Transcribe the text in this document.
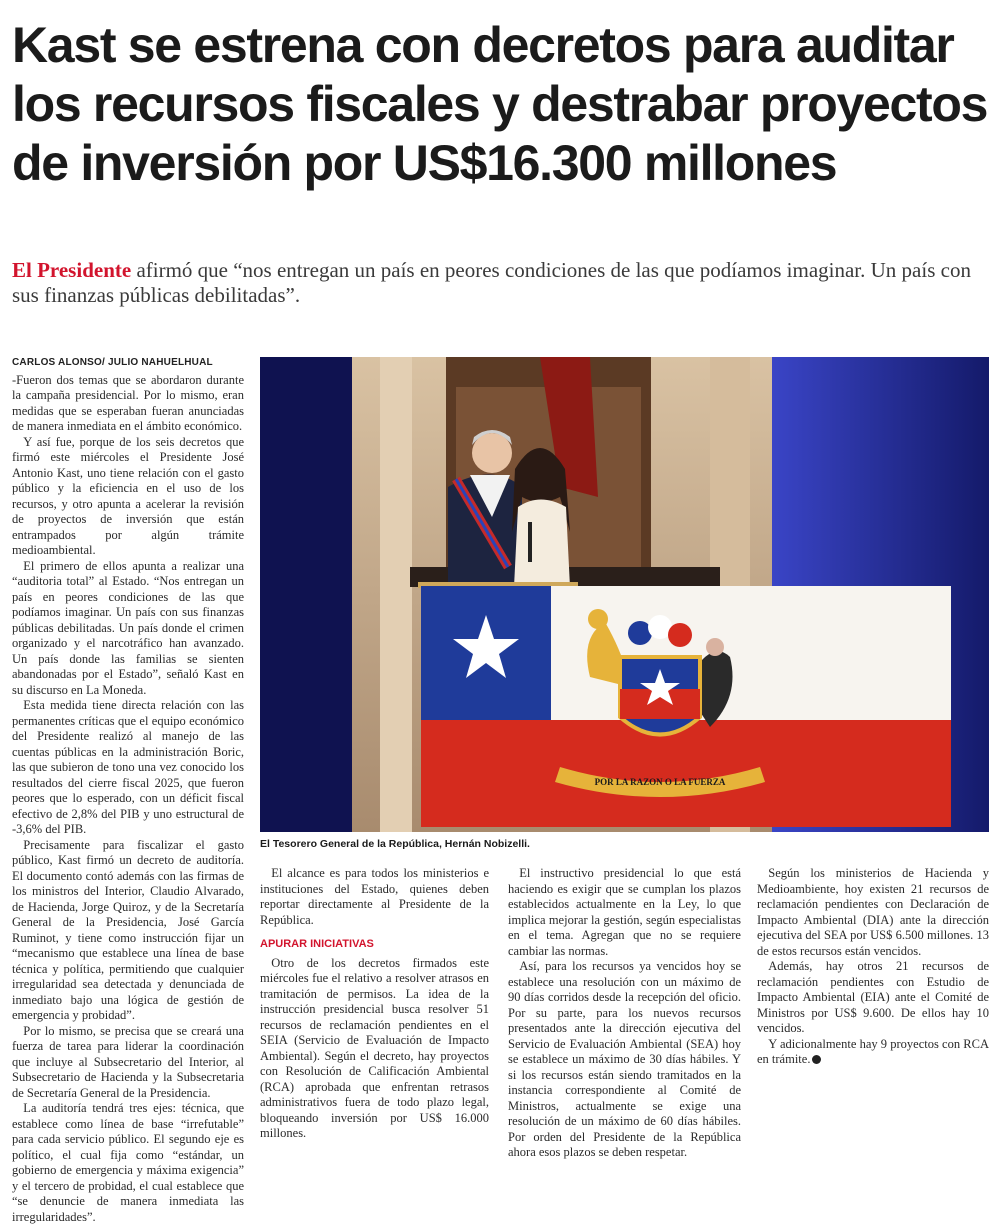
Kast se estrena con decretos para auditar los recursos fiscales y destrabar proyectos de inversión por US$16.300 millones

El Presidente afirmó que “nos entregan un país en peores condiciones de las que podíamos imaginar. Un país con sus finanzas públicas debilitadas”.

CARLOS ALONSO/ JULIO NAHUELHUAL

-Fueron dos temas que se abordaron durante la campaña presidencial. Por lo mismo, eran medidas que se esperaban fueran anunciadas de manera inmediata en el ámbito económico.

Y así fue, porque de los seis decretos que firmó este miércoles el Presidente José Antonio Kast, uno tiene relación con el gasto público y la eficiencia en el uso de los recursos, y otro apunta a acelerar la revisión de proyectos de inversión que están entrampados por algún trámite medioambiental.

El primero de ellos apunta a realizar una “auditoria total” al Estado. “Nos entregan un país en peores condiciones de las que podíamos imaginar. Un país con sus finanzas públicas debilitadas. Un país donde el crimen organizado y el narcotráfico han avanzado. Un país donde las familias se sienten abandonadas por el Estado”, señaló Kast en su discurso en La Moneda.

Esta medida tiene directa relación con las permanentes críticas que el equipo económico del Presidente realizó al manejo de las cuentas públicas en la administración Boric, las que subieron de tono una vez conocido los resultados del cierre fiscal 2025, que fueron peores que lo esperado, con un déficit fiscal efectivo de 2,8% del PIB y uno estructural de -3,6% del PIB.

Precisamente para fiscalizar el gasto público, Kast firmó un decreto de auditoría. El documento contó además con las firmas de los ministros del Interior, Claudio Alvarado, de Hacienda, Jorge Quiroz, y de la Secretaría General de la Presidencia, José García Ruminot, y tiene como instrucción fijar un “mecanismo que establece una línea de base técnica y política, permitiendo que cualquier irregularidad sea detectada y denunciada de inmediato bajo una lógica de gestión de emergencia y probidad”.

Por lo mismo, se precisa que se creará una fuerza de tarea para liderar la coordinación que incluye al Subsecretario del Interior, al Subsecretario de Hacienda y la Subsecretaria de Secretaría General de la Presidencia.

La auditoría tendrá tres ejes: técnica, que establece como línea de base “irrefutable” para cada servicio público. El segundo eje es político, el cual fija como “estándar, un gobierno de emergencia y máxima exigencia” y el tercero de probidad, el cual establece que “se denuncie de manera inmediata las irregularidades”.

El alcance es para todos los ministerios e instituciones del Estado, quienes deben reportar directamente al Presidente de la República.

APURAR INICIATIVAS

Otro de los decretos firmados este miércoles fue el relativo a resolver atrasos en tramitación de permisos. La idea de la instrucción presidencial busca resolver 51 recursos de reclamación pendientes en el SEIA (Servicio de Evaluación de Impacto Ambiental). Según el decreto, hay proyectos con Resolución de Calificación Ambiental (RCA) aprobada que enfrentan retrasos administrativos fuera de todo plazo legal, bloqueando inversión por US$ 16.000 millones.

El instructivo presidencial lo que está haciendo es exigir que se cumplan los plazos establecidos actualmente en la Ley, lo que implica mejorar la gestión, según especialistas en el tema. Agregan que no se requiere cambiar las normas.

Así, para los recursos ya vencidos hoy se establece una resolución con un máximo de 90 días corridos desde la recepción del oficio. Por su parte, para los nuevos recursos presentados ante la dirección ejecutiva del Servicio de Evaluación Ambiental (SEA) hoy se establece un máximo de 30 días hábiles. Y si los recursos están siendo tramitados en la instancia correspondiente al Comité de Ministros, actualmente se exige una resolución de un máximo de 60 días hábiles. Por orden del Presidente de la República ahora esos plazos se deben respetar.

Según los ministerios de Hacienda y Medioambiente, hoy existen 21 recursos de reclamación pendientes con Declaración de Impacto Ambiental (DIA) ante la dirección ejecutiva del SEA por US$ 6.500 millones. 13 de estos recursos están vencidos.

Además, hay otros 21 recursos de reclamación pendientes con Estudio de Impacto Ambiental (EIA) ante el Comité de Ministros por US$ 9.600. De ellos hay 10 vencidos.

Y adicionalmente hay 9 proyectos con RCA en trámite.

POR LA RAZON O LA FUERZA
El Tesorero General de la República, Hernán Nobizelli.
